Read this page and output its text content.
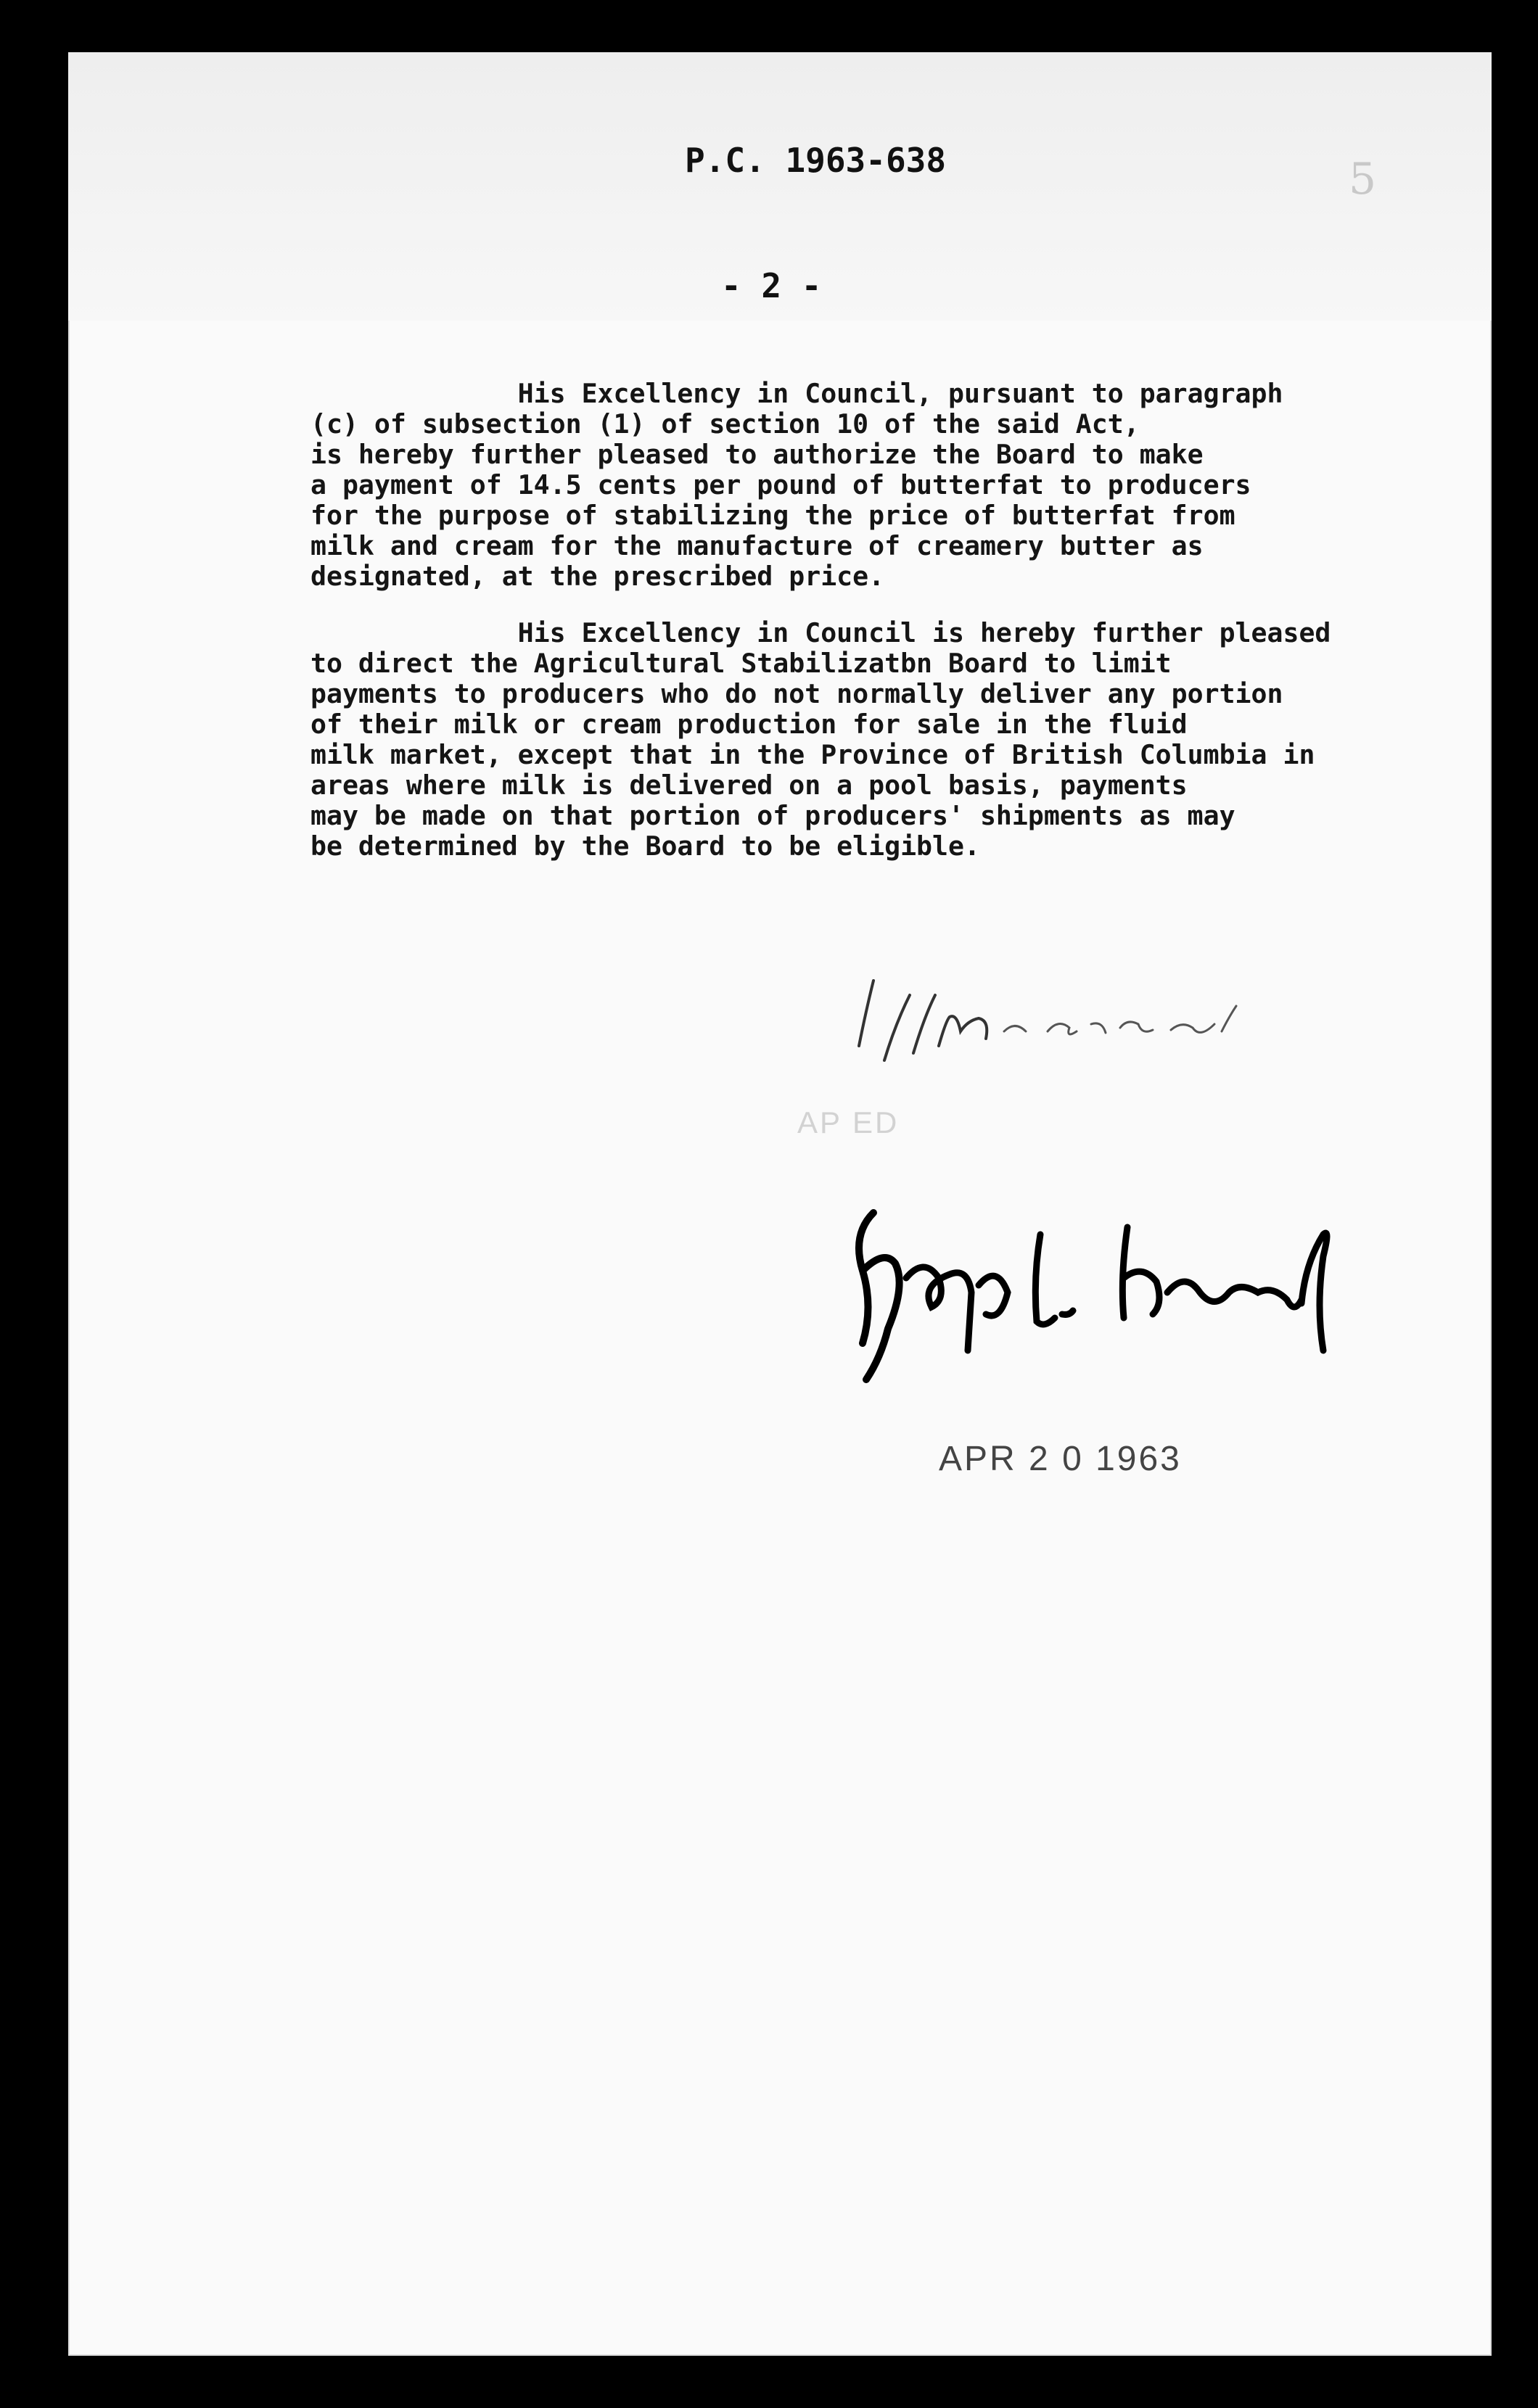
P.C. 1963-638	5
- 2 -
His Excellency in Council, pursuant to paragraph
(c) of subsection (1) of section 10 of the said Act,
is hereby further pleased to authorize the Board to make
a payment of 14.5 cents per pound of butterfat to producers
for the purpose of stabilizing the price of butterfat from
milk and cream for the manufacture of creamery butter as
designated, at the prescribed price.
His Excellency in Council is hereby further pleased
to direct the Agricultural Stabilizatbn Board to limit
payments to producers who do not normally deliver any portion
of their milk or cream production for sale in the fluid
milk market, except that in the Province of British Columbia in
areas where milk is delivered on a pool basis, payments
may be made on that portion of producers' shipments as may
be determined by the Board to be eligible.
AP ED
APR 2 0 1963
